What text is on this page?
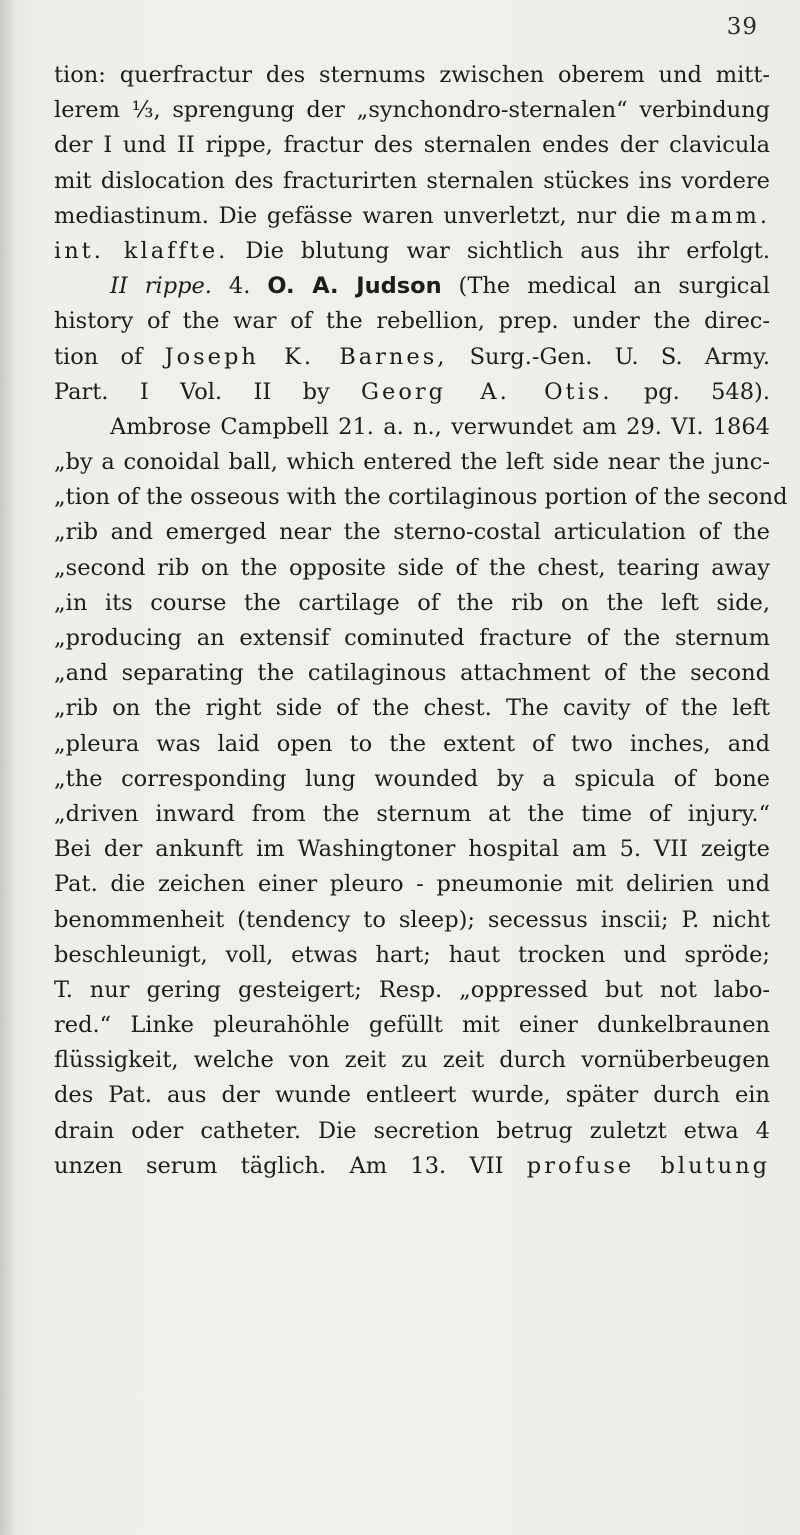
39
tion: querfractur des sternums zwischen oberem und mitt-
lerem ⅓, sprengung der „synchondro-sternalen“ verbindung
der I und II rippe, fractur des sternalen endes der clavicula
mit dislocation des fracturirten sternalen stückes ins vordere
mediastinum. Die gefässe waren unverletzt, nur die mamm.
int. klaffte. Die blutung war sichtlich aus ihr erfolgt.
II rippe. 4. O. A. Judson (The medical an surgical
history of the war of the rebellion, prep. under the direc-
tion of Joseph K. Barnes, Surg.-Gen. U. S. Army.
Part. I Vol. II by Georg A. Otis. pg. 548).
Ambrose Campbell 21. a. n., verwundet am 29. VI. 1864
„by a conoidal ball, which entered the left side near the junc-
„tion of the osseous with the cortilaginous portion of the second
„rib and emerged near the sterno-costal articulation of the
„second rib on the opposite side of the chest, tearing away
„in its course the cartilage of the rib on the left side,
„producing an extensif cominuted fracture of the sternum
„and separating the catilaginous attachment of the second
„rib on the right side of the chest. The cavity of the left
„pleura was laid open to the extent of two inches, and
„the corresponding lung wounded by a spicula of bone
„driven inward from the sternum at the time of injury.“
Bei der ankunft im Washingtoner hospital am 5. VII zeigte
Pat. die zeichen einer pleuro - pneumonie mit delirien und
benommenheit (tendency to sleep); secessus inscii; P. nicht
beschleunigt, voll, etwas hart; haut trocken und spröde;
T. nur gering gesteigert; Resp. „oppressed but not labo-
red.“ Linke pleurahöhle gefüllt mit einer dunkelbraunen
flüssigkeit, welche von zeit zu zeit durch vornüberbeugen
des Pat. aus der wunde entleert wurde, später durch ein
drain oder catheter. Die secretion betrug zuletzt etwa 4
unzen serum täglich. Am 13. VII profuse blutung
